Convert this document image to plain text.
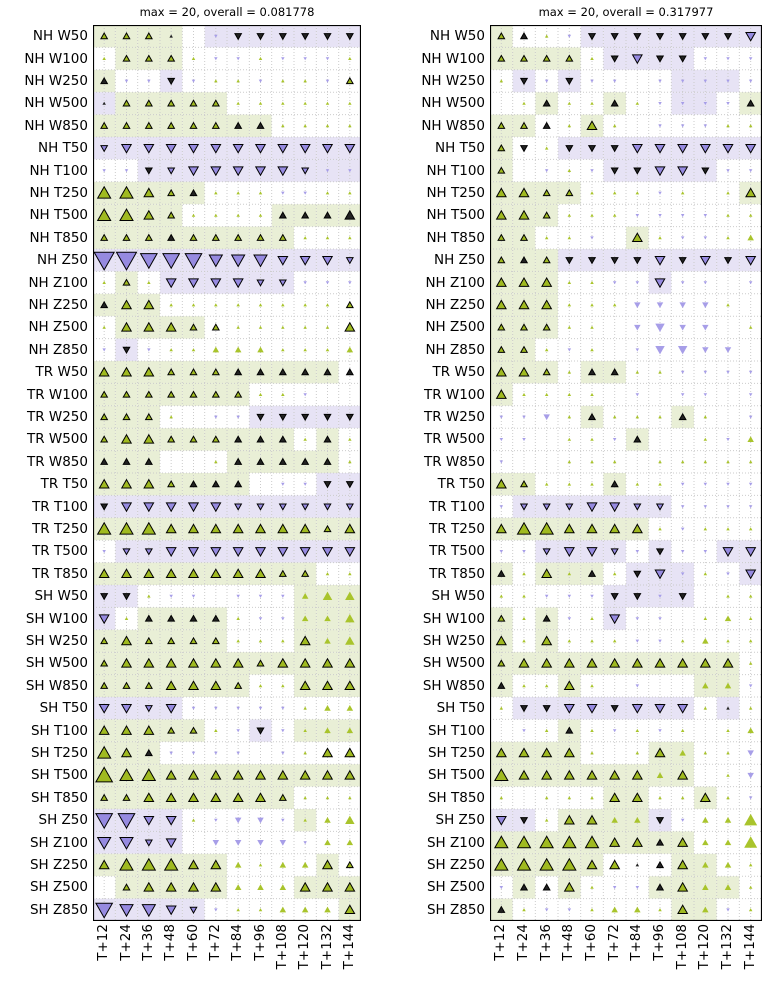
max = 20, overall = 0.081778	max = 20, overall = 0.317977
NH W50
NH W100
NH W250
NH W500
NH W850
NH T50
NH T100
NH T250
NH T500
NH T850
NH Z50
NH Z100
NH Z250
NH Z500
NH Z850
TR W50
TR W100
TR W250
TR W500
TR W850
TR T50
TR T100
TR T250
TR T500
TR T850
SH W50
SH W100
SH W250
SH W500
SH W850
SH T50
SH T100
SH T250
SH T500
SH T850
SH Z50
SH Z100
SH Z250
SH Z500
SH Z850
T+12 T+24 T+36 T+48 T+60 T+72 T+84 T+96 T+108 T+120 T+132 T+144
NH W50
NH W100
NH W250
NH W500
NH W850
NH T50
NH T100
NH T250
NH T500
NH T850
NH Z50
NH Z100
NH Z250
NH Z500
NH Z850
TR W50
TR W100
TR W250
TR W500
TR W850
TR T50
TR T100
TR T250
TR T500
TR T850
SH W50
SH W100
SH W250
SH W500
SH W850
SH T50
SH T100
SH T250
SH T500
SH T850
SH Z50
SH Z100
SH Z250
SH Z500
SH Z850
T+12 T+24 T+36 T+48 T+60 T+72 T+84 T+96 T+108 T+120 T+132 T+144
